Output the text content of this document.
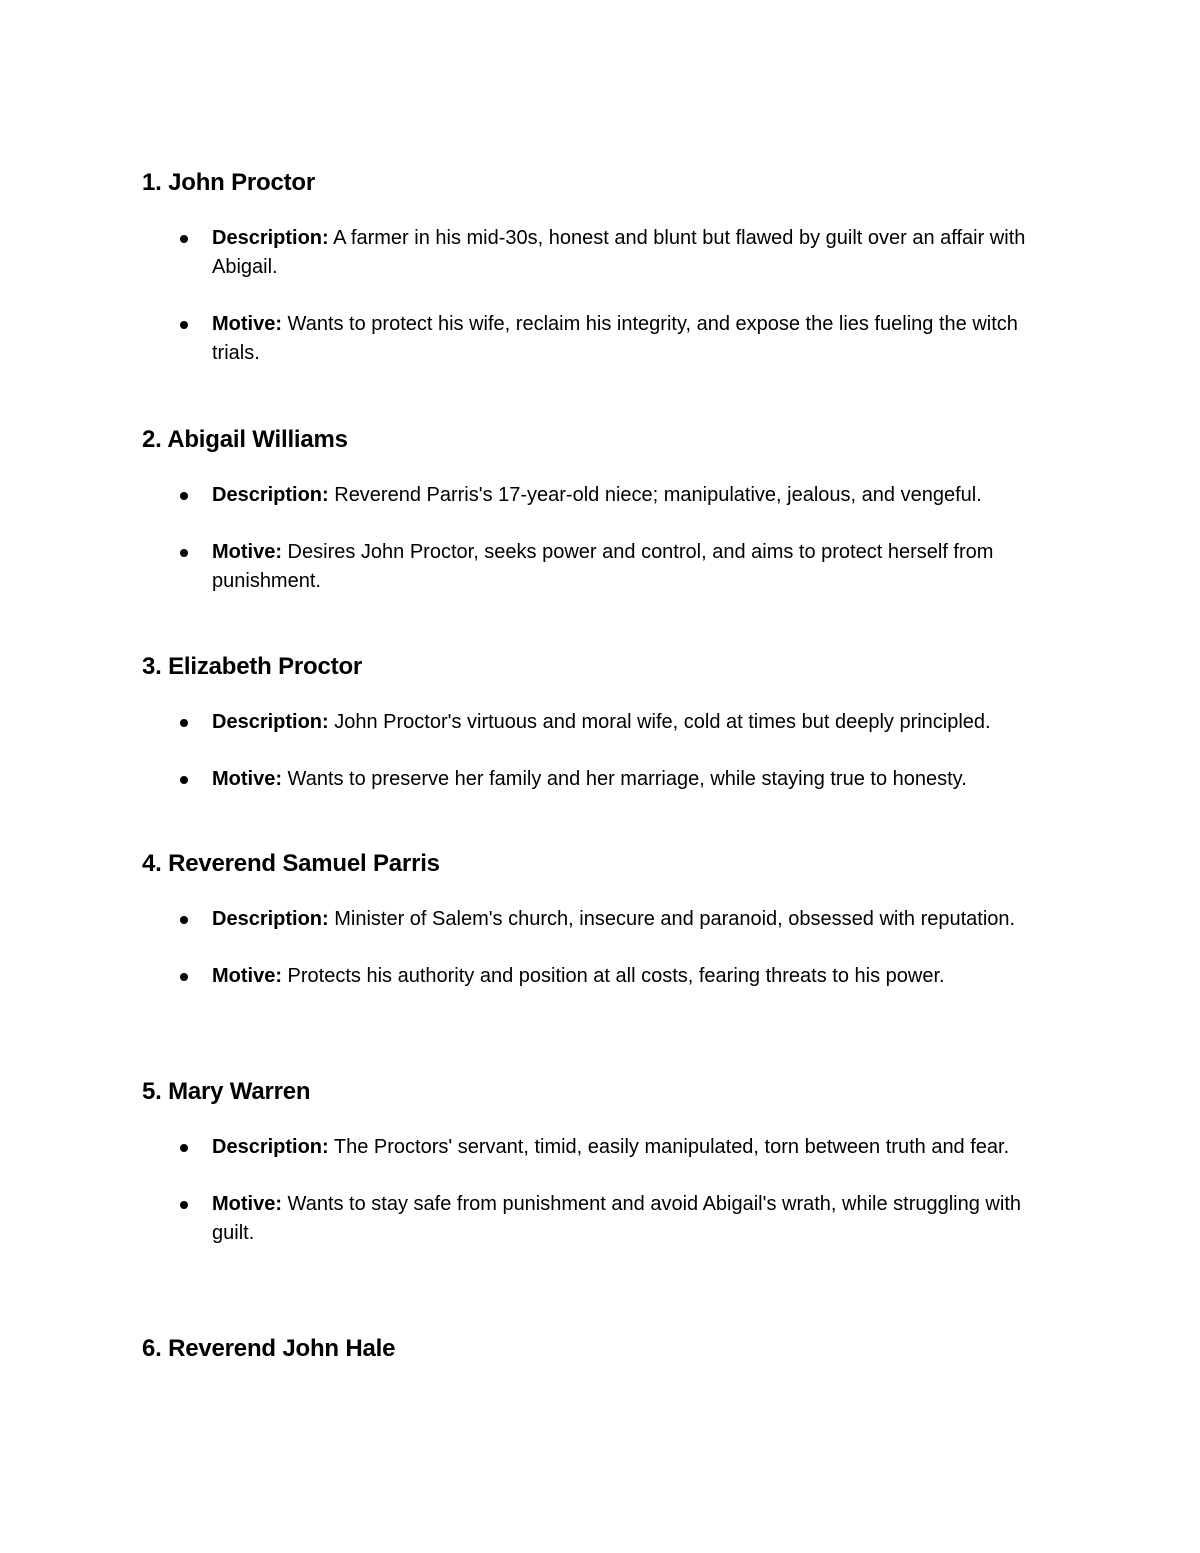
1. John Proctor
Description: A farmer in his mid-30s, honest and blunt but flawed by guilt over an affair with Abigail.
Motive: Wants to protect his wife, reclaim his integrity, and expose the lies fueling the witch trials.
2. Abigail Williams
Description: Reverend Parris's 17-year-old niece; manipulative, jealous, and vengeful.
Motive: Desires John Proctor, seeks power and control, and aims to protect herself from punishment.
3. Elizabeth Proctor
Description: John Proctor's virtuous and moral wife, cold at times but deeply principled.
Motive: Wants to preserve her family and her marriage, while staying true to honesty.
4. Reverend Samuel Parris
Description: Minister of Salem's church, insecure and paranoid, obsessed with reputation.
Motive: Protects his authority and position at all costs, fearing threats to his power.
5. Mary Warren
Description: The Proctors' servant, timid, easily manipulated, torn between truth and fear.
Motive: Wants to stay safe from punishment and avoid Abigail's wrath, while struggling with guilt.
6. Reverend John Hale
